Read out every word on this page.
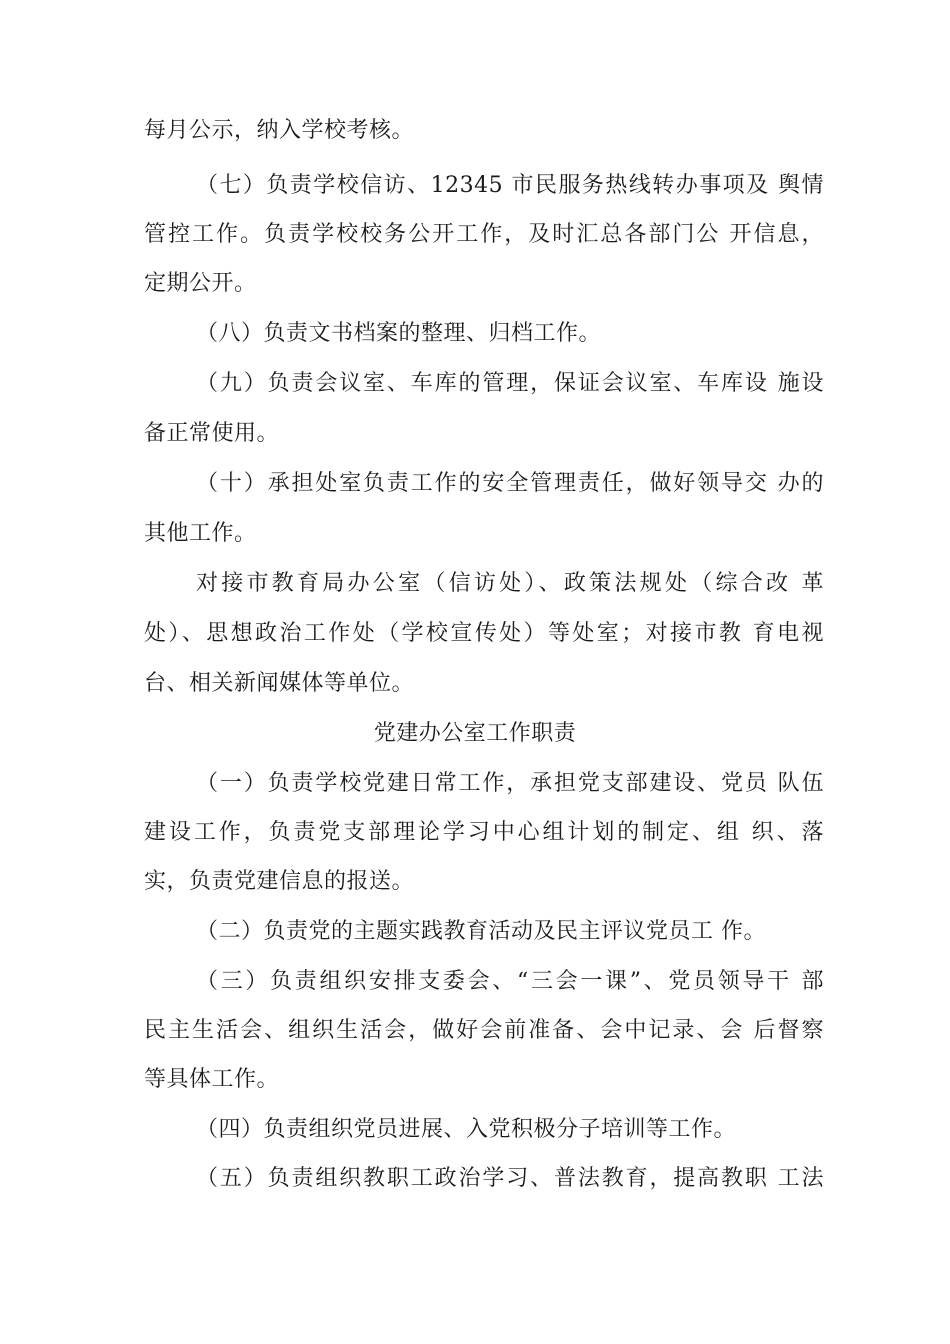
每月公示，纳入学校考核。
（七）负责学校信访、12345 市民服务热线转办事项及 舆情
管控工作。负责学校校务公开工作，及时汇总各部门公 开信息，
定期公开。
（八）负责文书档案的整理、归档工作。
（九）负责会议室、车库的管理，保证会议室、车库设 施设
备正常使用。
（十）承担处室负责工作的安全管理责任，做好领导交 办的
其他工作。
对接市教育局办公室（信访处）、政策法规处（综合改 革
处）、思想政治工作处（学校宣传处）等处室；对接市教 育电视
台、相关新闻媒体等单位。
党建办公室工作职责
（一）负责学校党建日常工作，承担党支部建设、党员 队伍
建设工作，负责党支部理论学习中心组计划的制定、组 织、落
实，负责党建信息的报送。
（二）负责党的主题实践教育活动及民主评议党员工 作。
（三）负责组织安排支委会、“三会一课”、党员领导干 部
民主生活会、组织生活会，做好会前准备、会中记录、会 后督察
等具体工作。
（四）负责组织党员进展、入党积极分子培训等工作。
（五）负责组织教职工政治学习、普法教育，提高教职 工法
